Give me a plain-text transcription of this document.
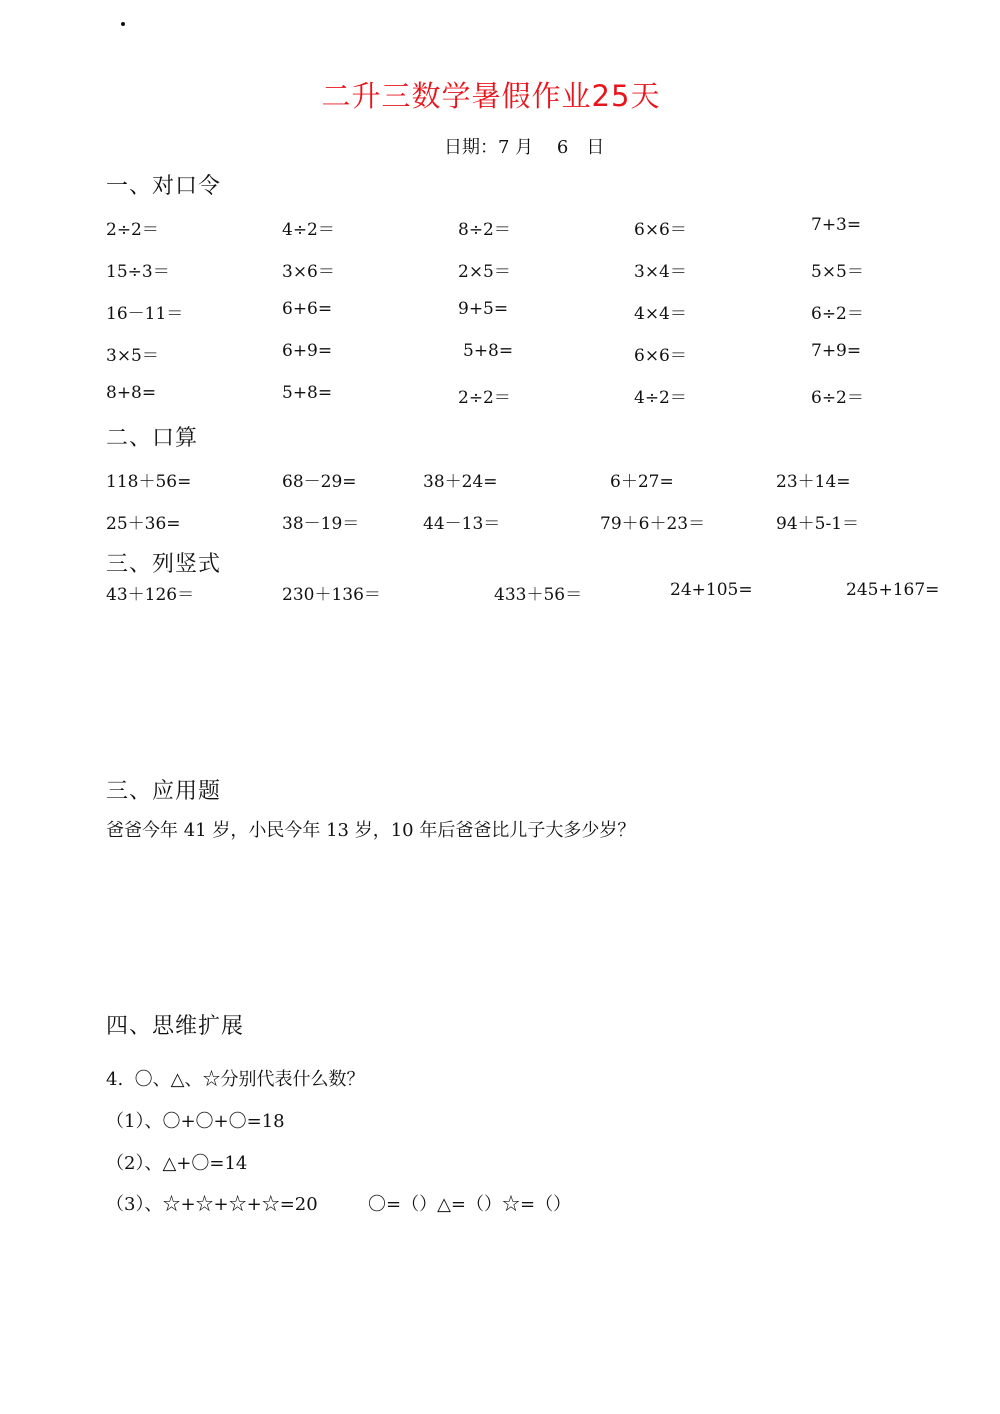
二升三数学暑假作业25天
日期：7 月　 6　日
一、对口令
2÷2＝	4÷2＝	8÷2＝	6×6＝	7+3=
15÷3＝	3×6＝	2×5＝	3×4＝	5×5＝
16－11＝	6+6=	9+5=	4×4＝	6÷2＝
3×5＝	6+9=	5+8=	6×6＝	7+9=
8+8=	5+8=	2÷2＝	4÷2＝	6÷2＝
二、口算
118＋56=	68－29=	38＋24=	6＋27=	23＋14=
25＋36=	38－19＝	44－13＝	79＋6＋23＝	94＋5-1＝
三、列竖式
43＋126＝	230＋136＝	433＋56＝	24+105=	245+167=
三、应用题
爸爸今年 41 岁，小民今年 13 岁，10 年后爸爸比儿子大多少岁？
四、思维扩展
4.  〇、△、☆分别代表什么数？
（1）、〇+〇+〇=18
（2）、△+〇=14
（3）、☆+☆+☆+☆=20	〇=（）△=（）☆=（）
